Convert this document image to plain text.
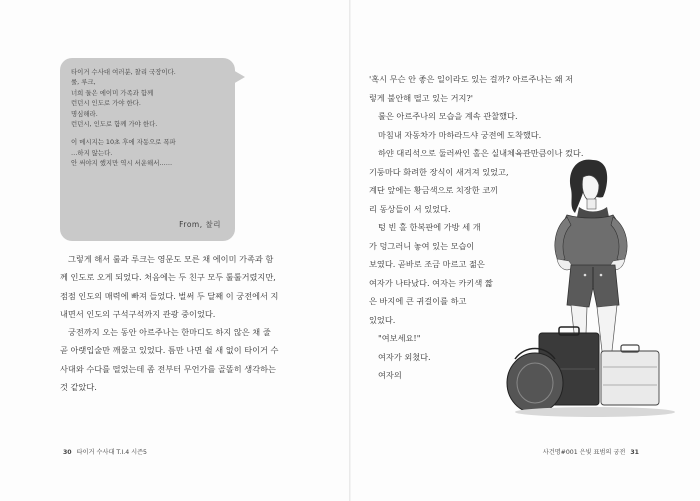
타이거 수사대 여러분, 찰리 국장이다.
룰, 루크,
너희 둘은 에이미 가족과 함께
런던시 인도로 가야 한다.
명심해라.
런던시, 인도로 함께 가야 한다.
이 메시지는 10초 후에 자동으로 폭파
…하지 않는다.
안 써야지 했지만 역시 서운해서……
From, 찰리
그렇게 해서 룰과 루크는 영문도 모른 채 에이미 가족과 함
께 인도로 오게 되었다. 처음에는 두 친구 모두 툴툴거렸지만,
점점 인도의 매력에 빠져 들었다. 벌써 두 달째 이 궁전에서 지
내면서 인도의 구석구석까지 관광 중이었다.
궁전까지 오는 동안 아르주나는 한마디도 하지 않은 채 줄
곧 아랫입술만 깨물고 있었다. 틈만 나면 쉴 새 없이 타이거 수
사대와 수다를 떨었는데 좀 전부터 무언가를 골똘히 생각하는
것 같았다.
30 타이거 수사대 T.I.4 시즌5
'혹시 무슨 안 좋은 일이라도 있는 걸까? 아르주나는 왜 저
렇게 불안해 떨고 있는 거지?'
룰은 아르주나의 모습을 계속 관찰했다.
마침내 자동차가 마하라드샤 궁전에 도착했다.
하얀 대리석으로 둘러싸인 홀은 실내체육관만큼이나 컸다.
기둥마다 화려한 장식이 새겨져 있었고,
계단 앞에는 황금색으로 치장한 코끼
리 동상들이 서 있었다.
텅 빈 홀 한복판에 가방 세 개
가 덩그러니 놓여 있는 모습이
보였다. 곧바로 조금 마르고 젊은
여자가 나타났다. 여자는 카키색 짧
은 바지에 큰 귀걸이를 하고
있었다.
"여보세요!"
여자가 외쳤다.
여자의
사건명#001 은빛 표범의 궁전 31
